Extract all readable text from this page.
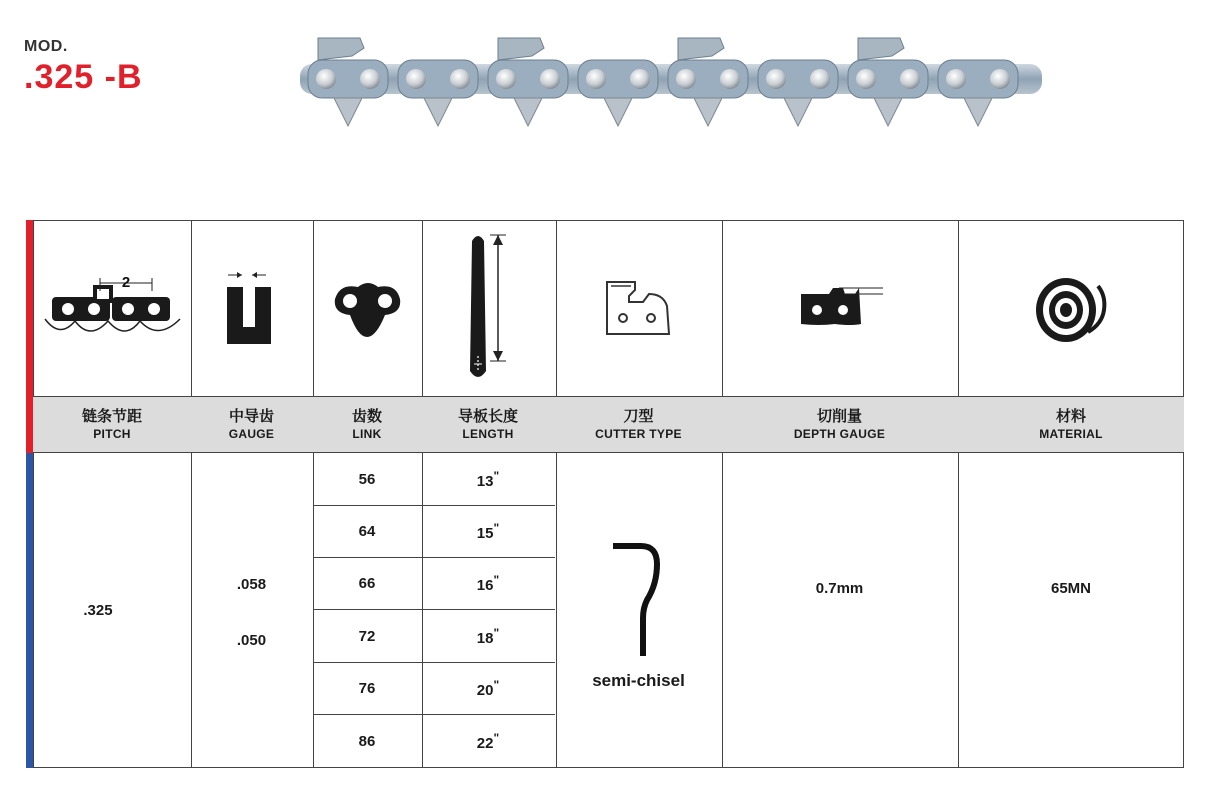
MOD.
.325 -B
2
链条节距
PITCH
中导齿
GAUGE
齿数
LINK
导板长度
LENGTH
刀型
CUTTER TYPE
切削量
DEPTH GAUGE
材料
MATERIAL
.325
.058
.050
56
64
66
72
76
86
13"
15"
16"
18"
20"
22"
semi-chisel
0.7mm	65MN
